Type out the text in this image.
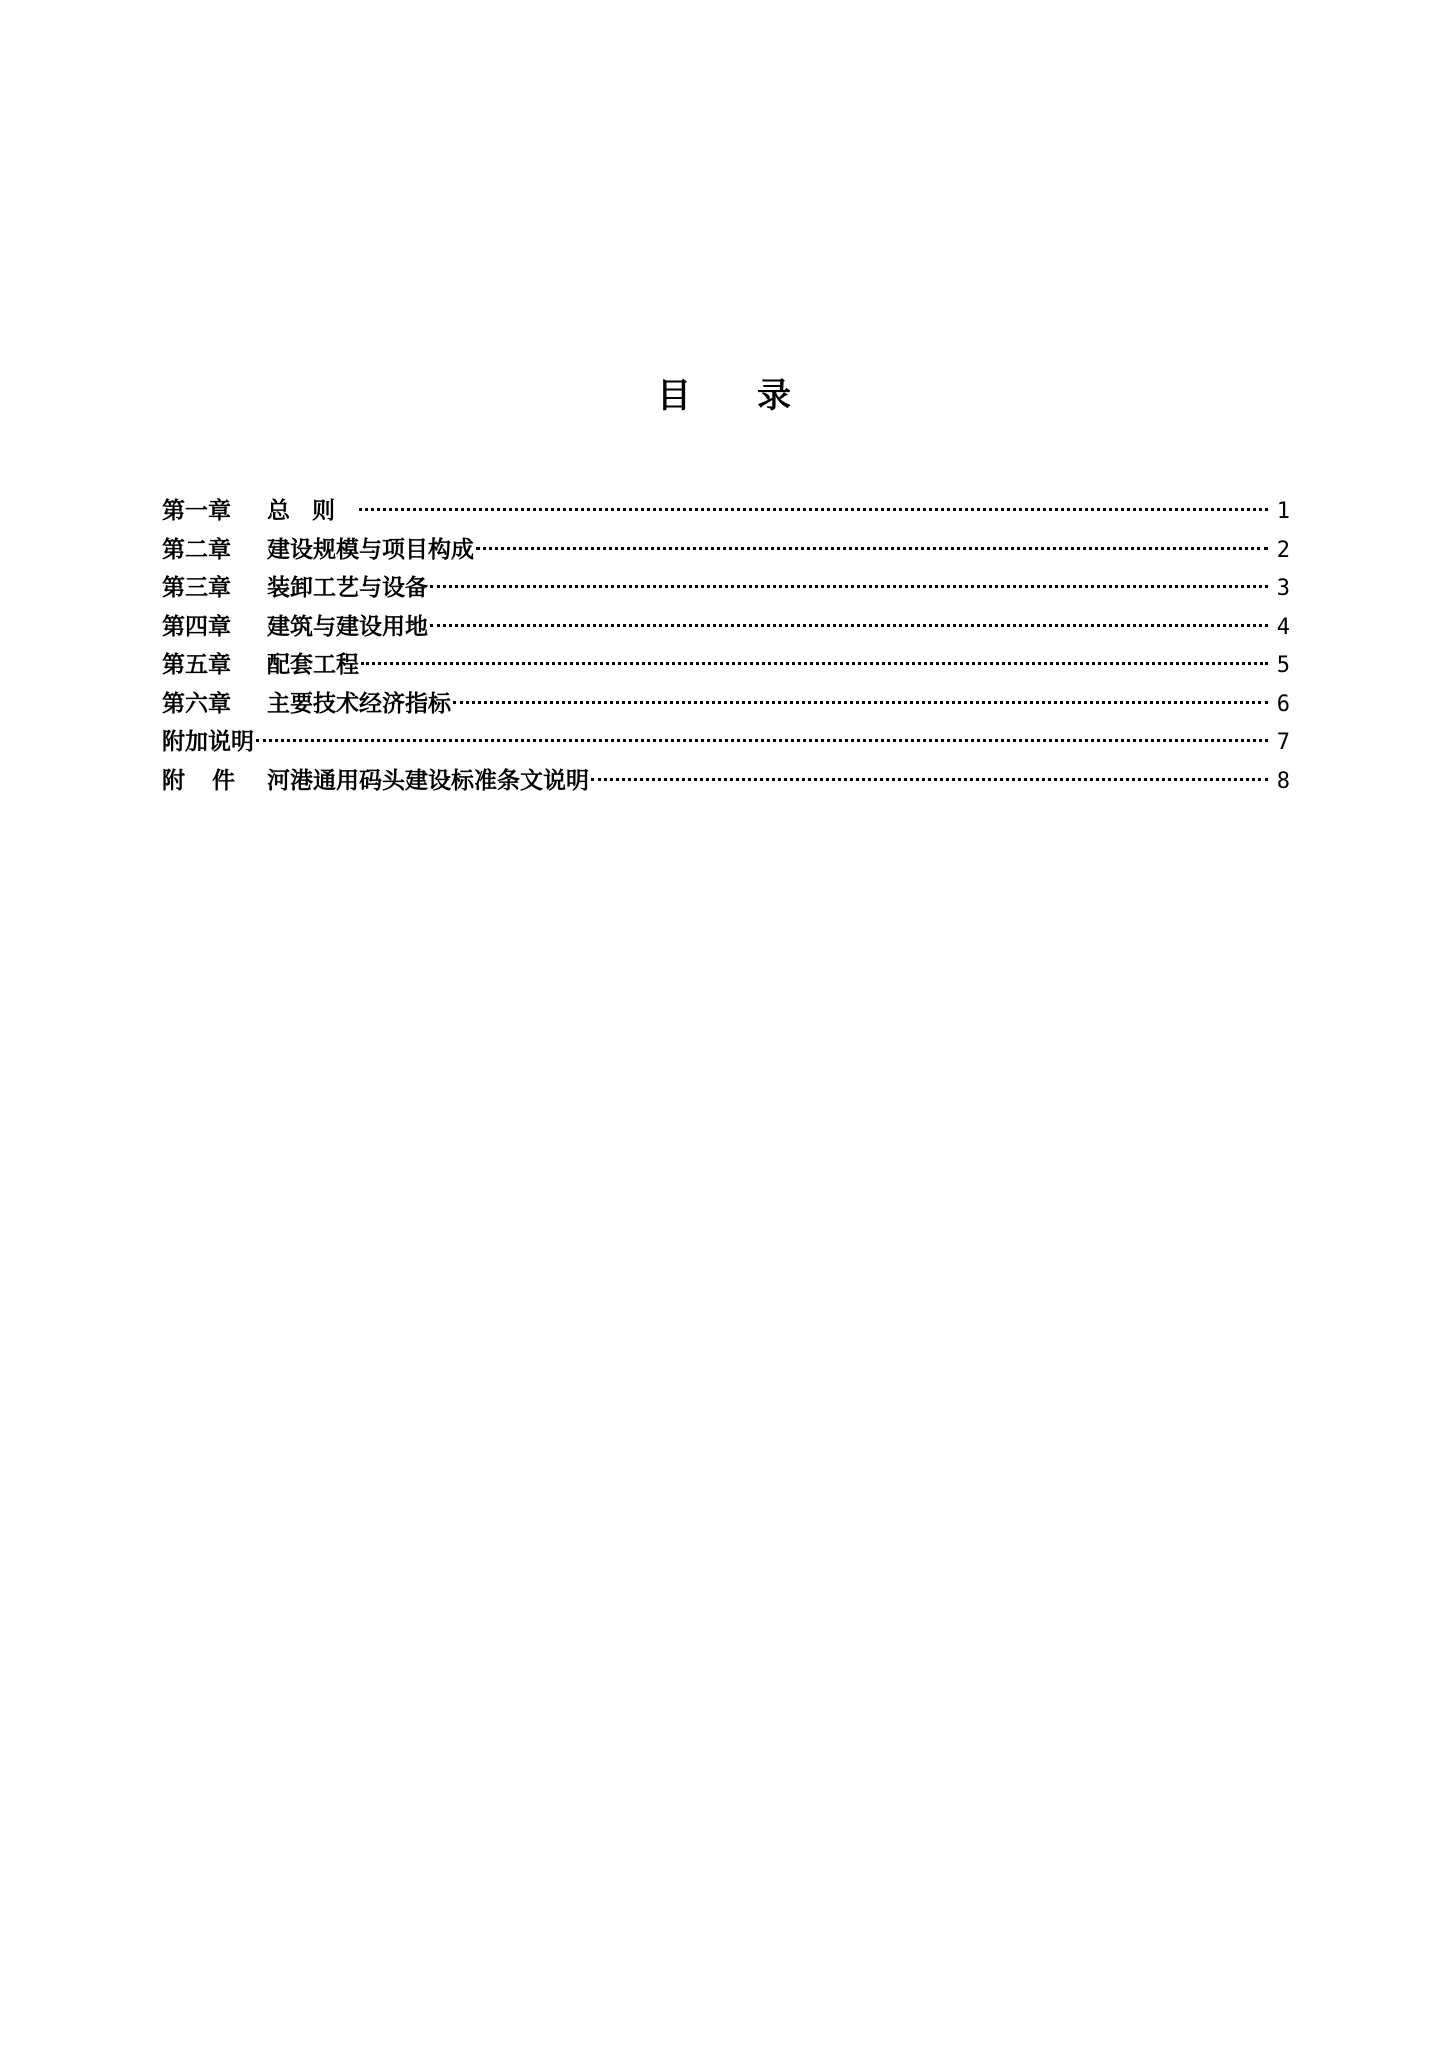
目录
第一章	总则	1
第二章	建设规模与项目构成	2
第三章	装卸工艺与设备	3
第四章	建筑与建设用地	4
第五章	配套工程	5
第六章	主要技术经济指标	6
附加说明	7
附件 河港通用码头建设标准条文说明	8
